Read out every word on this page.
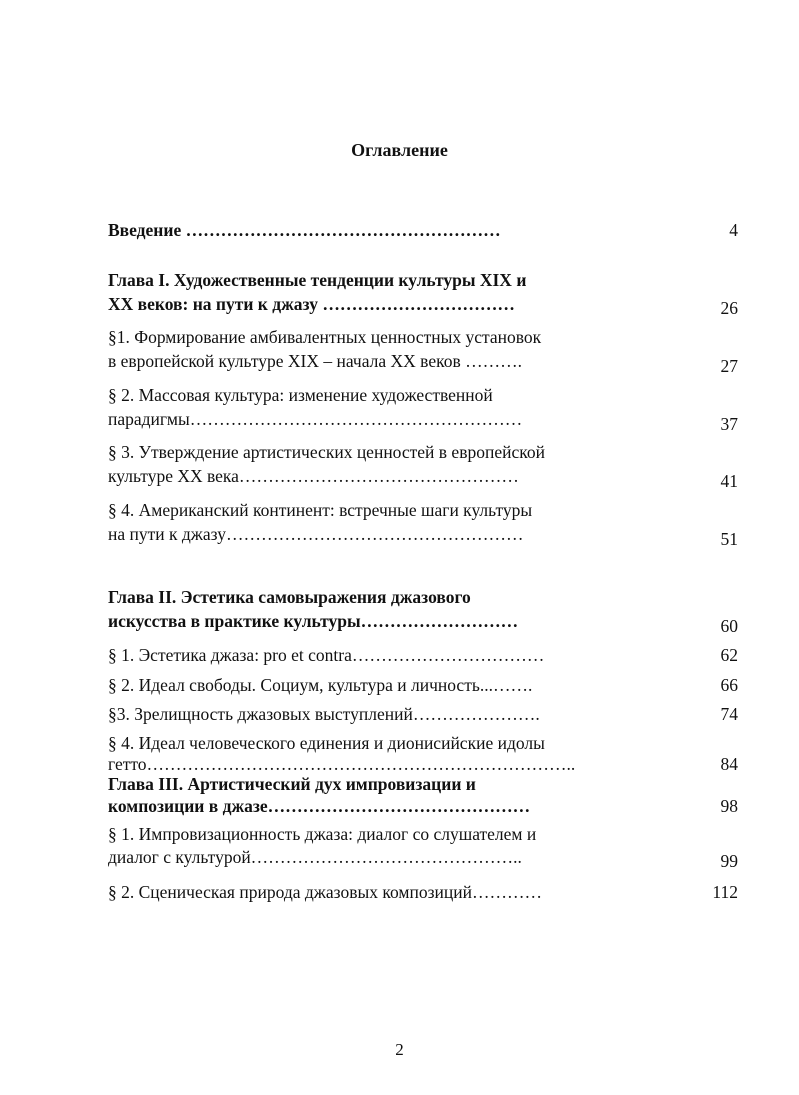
Оглавление
Введение ………………………………………………	4
Глава I. Художественные тенденции культуры XIX и
XX веков: на пути к джазу ……………………………	26
§1. Формирование амбивалентных ценностных установок
в европейской культуре XIX – начала XX веков ……….	27
§ 2. Массовая культура: изменение художественной
парадигмы…………………………………………………	37
§ 3. Утверждение артистических ценностей в европейской
культуре XX века…………………………………………	41
§ 4. Американский континент: встречные шаги культуры
на пути к джазу……………………………………………	51
Глава II. Эстетика самовыражения джазового
искусства в практике культуры………………………	60
§ 1. Эстетика джаза: pro et contra……………………………	62
§ 2. Идеал свободы. Социум, культура и личность...…….	66
§3. Зрелищность джазовых выступлений………………….	74
§ 4. Идеал человеческого единения и дионисийские идолы
гетто………………………………………………………………..	84
Глава III. Артистический дух импровизации и
композиции в джазе………………………………………	98
§ 1. Импровизационность джаза: диалог со слушателем и
диалог с культурой………………………………………..	99
§ 2. Сценическая природа джазовых композиций…………	112
2
